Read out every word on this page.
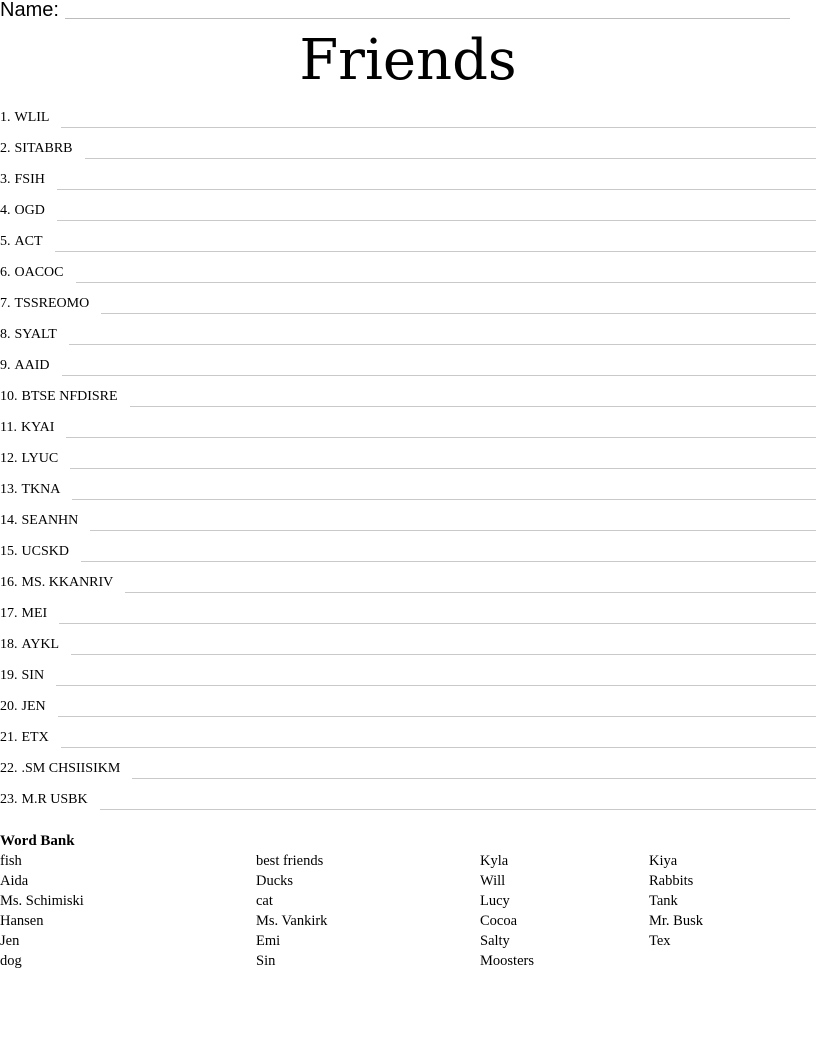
Name:
Friends
1. WLIL
2. SITABRB
3. FSIH
4. OGD
5. ACT
6. OACOC
7. TSSREOMO
8. SYALT
9. AAID
10. BTSE NFDISRE
11. KYAI
12. LYUC
13. TKNA
14. SEANHN
15. UCSKD
16. MS. KKANRIV
17. MEI
18. AYKL
19. SIN
20. JEN
21. ETX
22. .SM CHSIISIKM
23. M.R USBK
Word Bank
fish
Aida
Ms. Schimiski
Hansen
Jen
dog
best friends
Ducks
cat
Ms. Vankirk
Emi
Sin
Kyla
Will
Lucy
Cocoa
Salty
Moosters
Kiya
Rabbits
Tank
Mr. Busk
Tex
